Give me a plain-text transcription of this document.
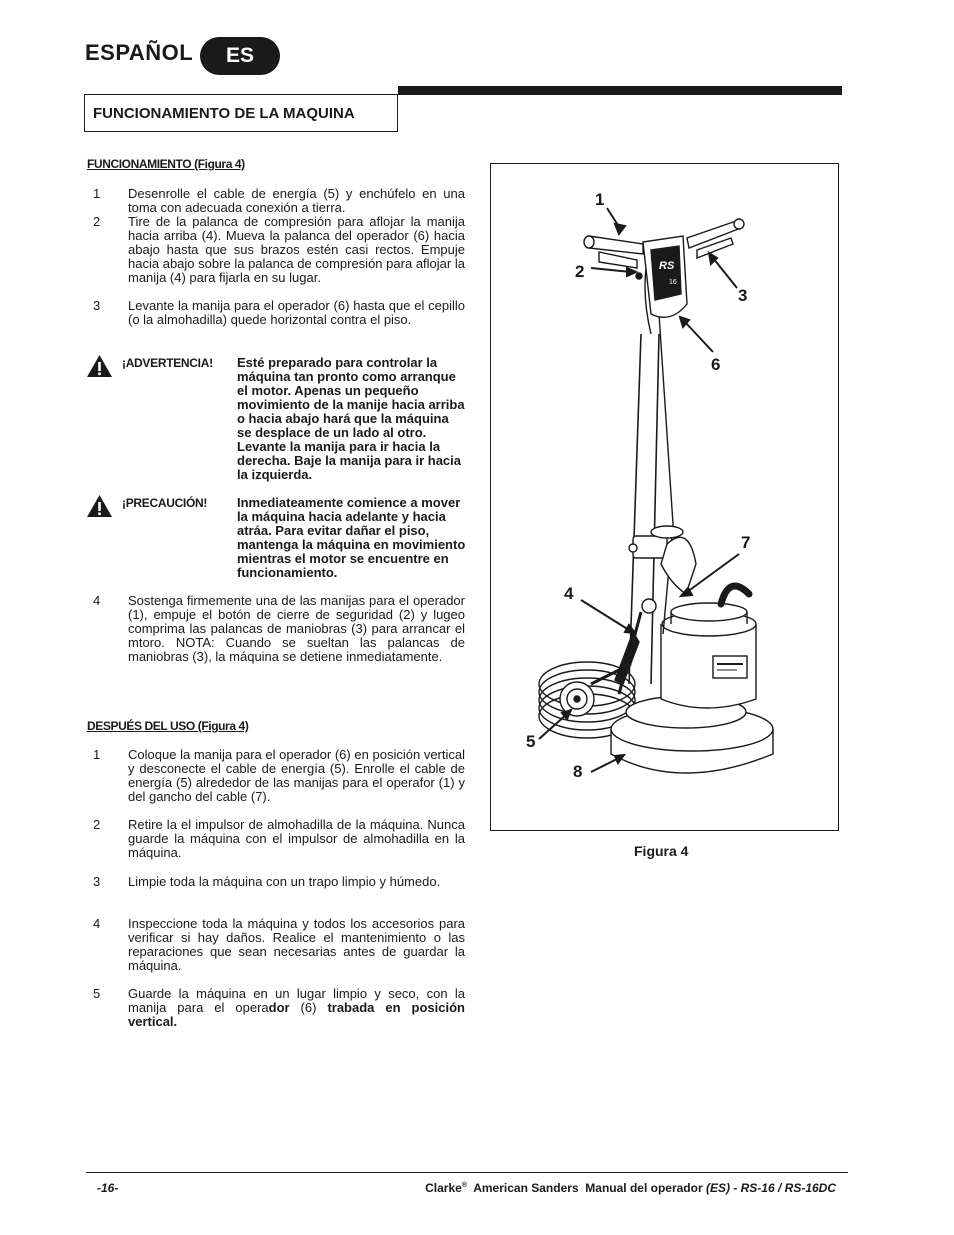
ESPAÑOL	ES
FUNCIONAMIENTO DE LA MAQUINA
FUNCIONAMIENTO (Figura 4)
1 Desenrolle el cable de energía (5) y enchúfelo en una toma con adecuada conexión a tierra.
2 Tire de la palanca de compresión para aflojar la manija hacia arriba (4). Mueva la palanca del operador (6) hacia abajo hasta que sus brazos estén casi rectos. Empuje hacia abajo sobre la palanca de compresión para aflojar la manija (4) para fijarla en su lugar.
3 Levante la manija para el operador (6) hasta que el cepillo (o la almohadilla) quede horizontal contra el piso.
¡ADVERTENCIA! Esté preparado para controlar la máquina tan pronto como arranque el motor. Apenas un pequeño movimiento de la manije hacia arriba o hacia abajo hará que la máquina se desplace de un lado al otro. Levante la manija para ir hacia la derecha. Baje la manija para ir hacia la izquierda.
¡PRECAUCIÓN! Inmediateamente comience a mover la máquina hacia adelante y hacia atráa. Para evitar dañar el piso, mantenga la máquina en movimiento mientras el motor se encuentre en funcionamiento.
4 Sostenga firmemente una de las manijas para el operador (1), empuje el botón de cierre de seguridad (2) y lugeo comprima las palancas de maniobras (3) para arrancar el mtoro. NOTA: Cuando se sueltan las palancas de maniobras (3), la máquina se detiene inmediatamente.
DESPUÉS DEL USO (Figura 4)
1 Coloque la manija para el operador (6) en posición vertical y desconecte el cable de energía (5). Enrolle el cable de energía (5) alrededor de las manijas para el operafor (1) y del gancho del cable (7).
2 Retire la el impulsor de almohadilla de la máquina. Nunca guarde la máquina con el impulsor de almohadilla en la máquina.
3 Limpie toda la máquina con un trapo limpio y húmedo.
4 Inspeccione toda la máquina y todos los accesorios para verificar si hay daños. Realice el mantenimiento o las reparaciones que sean necesarias antes de guardar la máquina.
5 Guarde la máquina en un lugar limpio y seco, con la manija para el operador (6) trabada en posición vertical.
RS
16
1
2
3
4
5
6
7
8
Figura 4
-16-	Clarke®  American Sanders  Manual del operador (ES) - RS-16 / RS-16DC
